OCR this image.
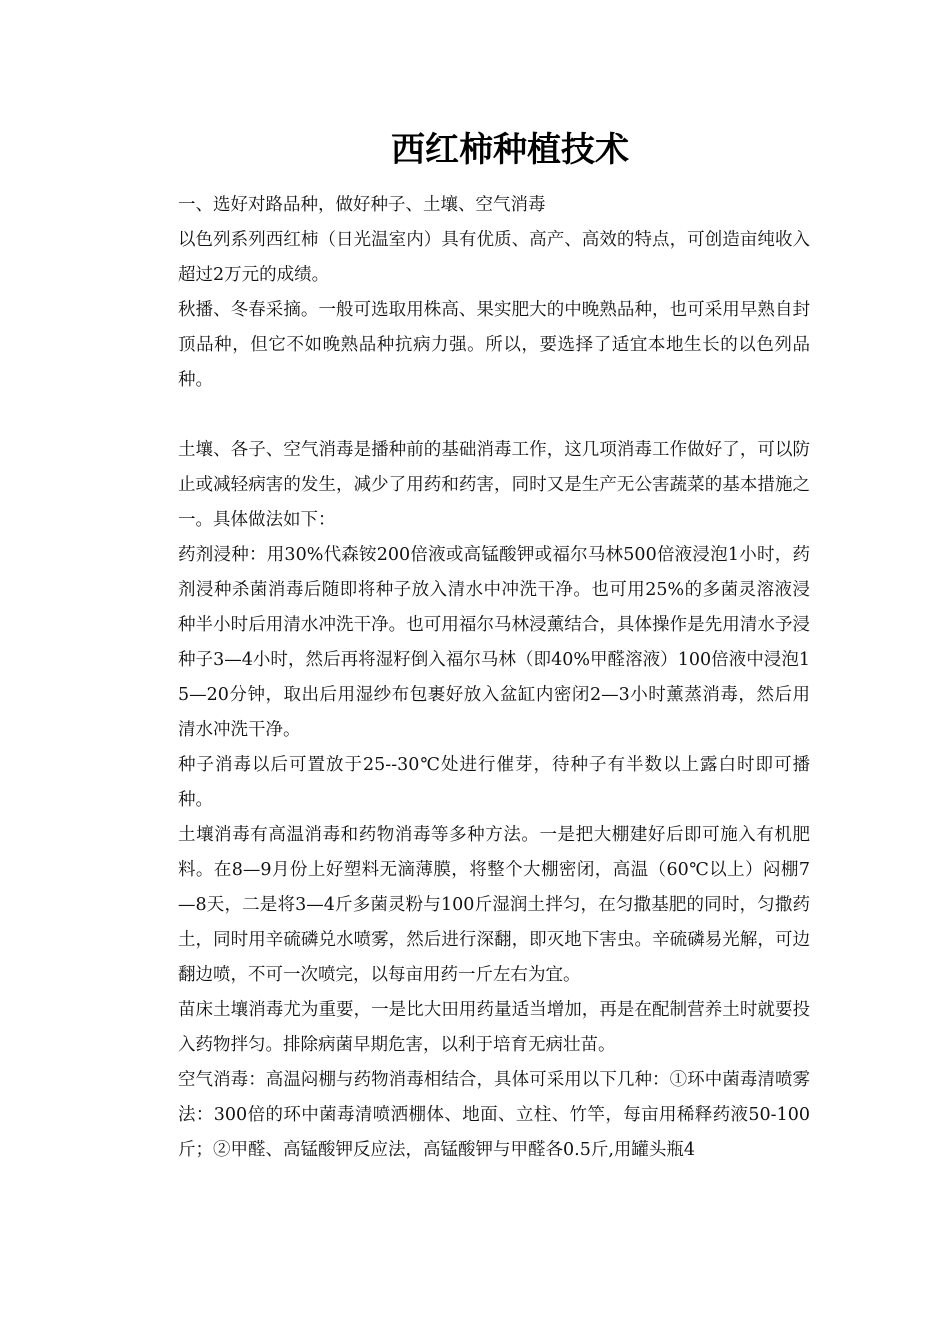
西红柿种植技术

一、选好对路品种，做好种子、土壤、空气消毒

以色列系列西红柿（日光温室内）具有优质、高产、高效的特点，可创造亩纯收入超过2万元的成绩。

秋播、冬春采摘。一般可选取用株高、果实肥大的中晚熟品种，也可采用早熟自封顶品种，但它不如晚熟品种抗病力强。所以，要选择了适宜本地生长的以色列品种。

土壤、各子、空气消毒是播种前的基础消毒工作，这几项消毒工作做好了，可以防止或减轻病害的发生，减少了用药和药害，同时又是生产无公害蔬菜的基本措施之一。具体做法如下：

药剂浸种：用30%代森铵200倍液或高锰酸钾或福尔马林500倍液浸泡1小时，药剂浸种杀菌消毒后随即将种子放入清水中冲洗干净。也可用25%的多菌灵溶液浸种半小时后用清水冲洗干净。也可用福尔马林浸薰结合，具体操作是先用清水予浸种子3—4小时，然后再将湿籽倒入福尔马林（即40%甲醛溶液）100倍液中浸泡15—20分钟，取出后用湿纱布包裹好放入盆缸内密闭2—3小时薰蒸消毒，然后用清水冲洗干净。

种子消毒以后可置放于25--30℃处进行催芽，待种子有半数以上露白时即可播种。

土壤消毒有高温消毒和药物消毒等多种方法。一是把大棚建好后即可施入有机肥料。在8—9月份上好塑料无滴薄膜，将整个大棚密闭，高温（60℃以上）闷棚7—8天，二是将3—4斤多菌灵粉与100斤湿润土拌匀，在匀撒基肥的同时，匀撒药土，同时用辛硫磷兑水喷雾，然后进行深翻，即灭地下害虫。辛硫磷易光解，可边翻边喷，不可一次喷完，以每亩用药一斤左右为宜。

苗床土壤消毒尤为重要，一是比大田用药量适当增加，再是在配制营养土时就要投入药物拌匀。排除病菌早期危害，以利于培育无病壮苗。

空气消毒：高温闷棚与药物消毒相结合，具体可采用以下几种：①环中菌毒清喷雾法：300倍的环中菌毒清喷洒棚体、地面、立柱、竹竿，每亩用稀释药液50-100斤；②甲醛、高锰酸钾反应法，高锰酸钾与甲醛各0.5斤,用罐头瓶4
